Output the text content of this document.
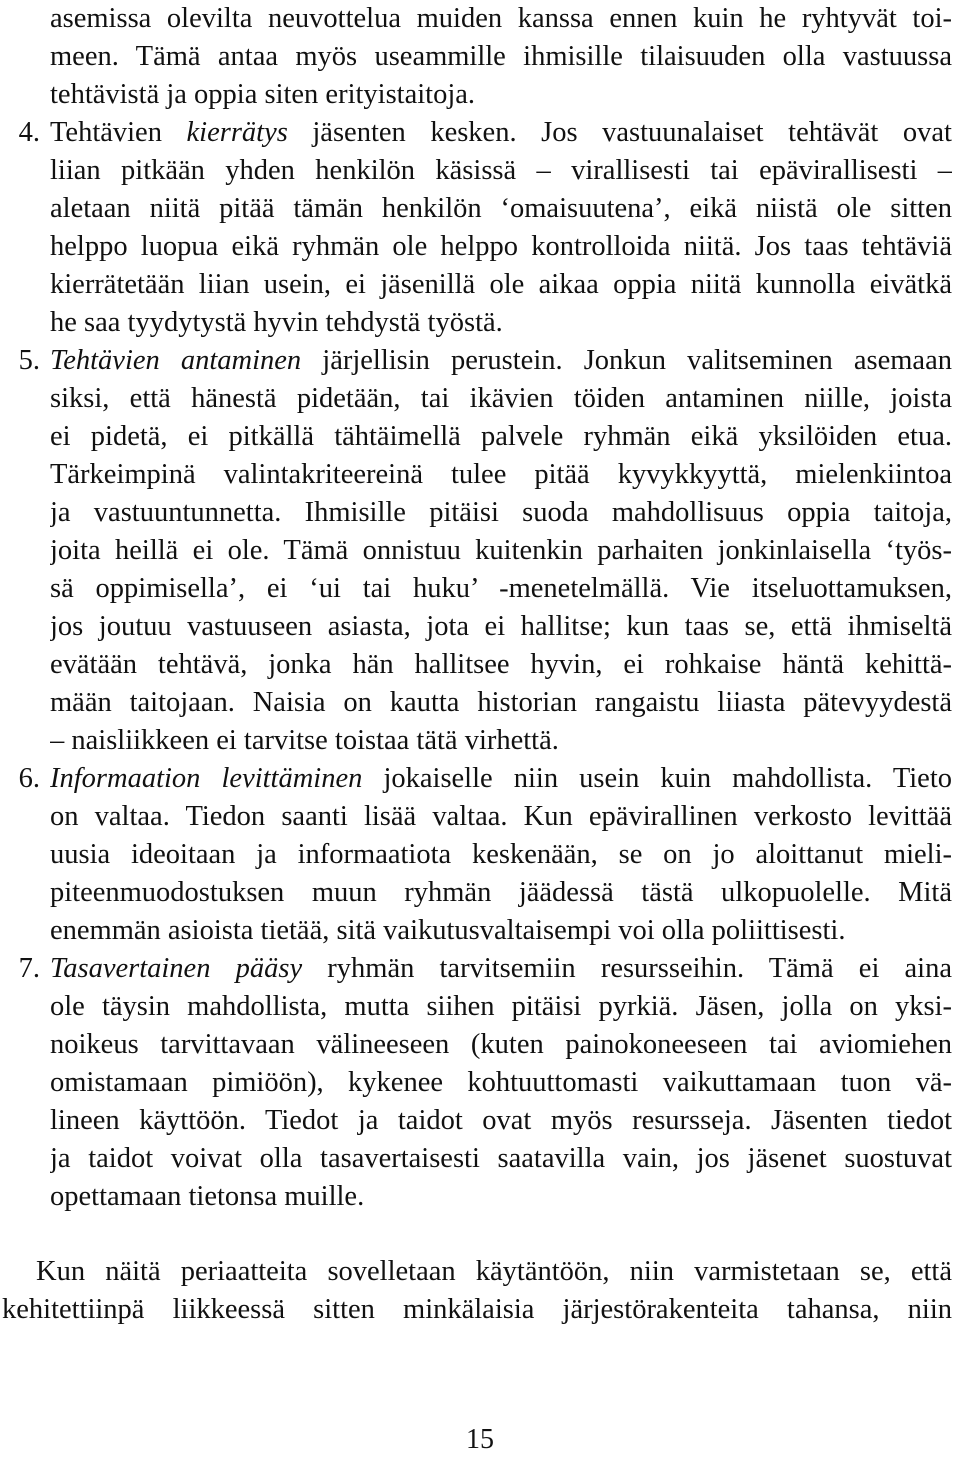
asemissa olevilta neuvottelua muiden kanssa ennen kuin he ryhtyvät toi-
meen. Tämä antaa myös useammille ihmisille tilaisuuden olla vastuussa
tehtävistä ja oppia siten erityistaitoja.
4. Tehtävien kierrätys jäsenten kesken. Jos vastuunalaiset tehtävät ovat
liian pitkään yhden henkilön käsissä – virallisesti tai epävirallisesti –
aletaan niitä pitää tämän henkilön ‘omaisuutena’, eikä niistä ole sitten
helppo luopua eikä ryhmän ole helppo kontrolloida niitä. Jos taas tehtäviä
kierrätetään liian usein, ei jäsenillä ole aikaa oppia niitä kunnolla eivätkä
he saa tyydytystä hyvin tehdystä työstä.
5. Tehtävien antaminen järjellisin perustein. Jonkun valitseminen asemaan
siksi, että hänestä pidetään, tai ikävien töiden antaminen niille, joista
ei pidetä, ei pitkällä tähtäimellä palvele ryhmän eikä yksilöiden etua.
Tärkeimpinä valintakriteereinä tulee pitää kyvykkyyttä, mielenkiintoa
ja vastuuntunnetta. Ihmisille pitäisi suoda mahdollisuus oppia taitoja,
joita heillä ei ole. Tämä onnistuu kuitenkin parhaiten jonkinlaisella ‘työs-
sä oppimisella’, ei ‘ui tai huku’ -menetelmällä. Vie itseluottamuksen,
jos joutuu vastuuseen asiasta, jota ei hallitse; kun taas se, että ihmiseltä
evätään tehtävä, jonka hän hallitsee hyvin, ei rohkaise häntä kehittä-
mään taitojaan. Naisia on kautta historian rangaistu liiasta pätevyydestä
– naisliikkeen ei tarvitse toistaa tätä virhettä.
6. Informaation levittäminen jokaiselle niin usein kuin mahdollista. Tieto
on valtaa. Tiedon saanti lisää valtaa. Kun epävirallinen verkosto levittää
uusia ideoitaan ja informaatiota keskenään, se on jo aloittanut mieli-
piteenmuodostuksen muun ryhmän jäädessä tästä ulkopuolelle. Mitä
enemmän asioista tietää, sitä vaikutusvaltaisempi voi olla poliittisesti.
7. Tasavertainen pääsy ryhmän tarvitsemiin resursseihin. Tämä ei aina
ole täysin mahdollista, mutta siihen pitäisi pyrkiä. Jäsen, jolla on yksi-
noikeus tarvittavaan välineeseen (kuten painokoneeseen tai aviomiehen
omistamaan pimiöön), kykenee kohtuuttomasti vaikuttamaan tuon vä-
lineen käyttöön. Tiedot ja taidot ovat myös resursseja. Jäsenten tiedot
ja taidot voivat olla tasavertaisesti saatavilla vain, jos jäsenet suostuvat
opettamaan tietonsa muille.
Kun näitä periaatteita sovelletaan käytäntöön, niin varmistetaan se, että
kehitettiinpä liikkeessä sitten minkälaisia järjestörakenteita tahansa, niin
15
